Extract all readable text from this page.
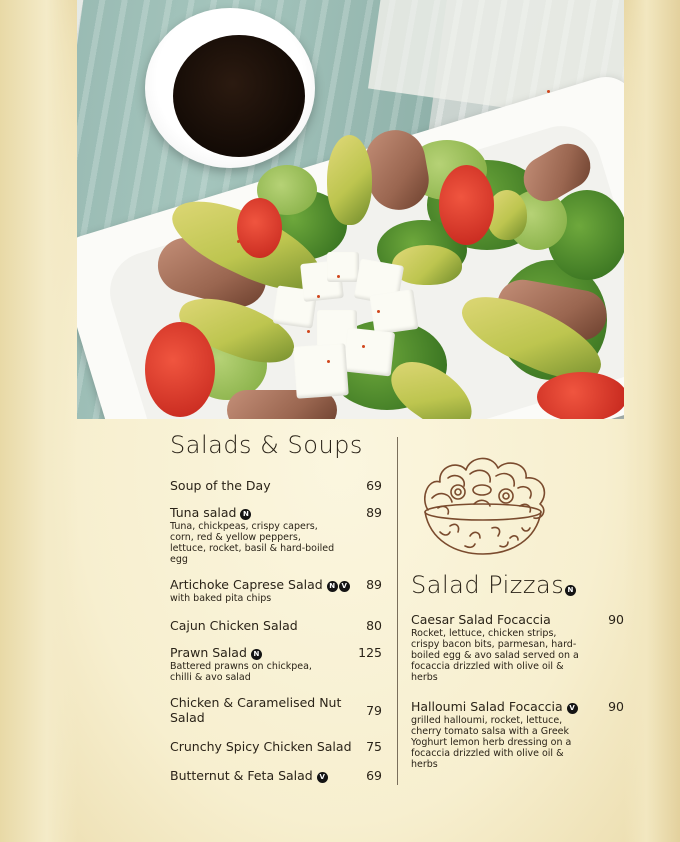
Salads & Soups
Soup of the Day	69
Tuna salad N	89
Tuna, chickpeas, crispy capers, corn, red & yellow peppers, lettuce, rocket, basil & hard-boiled egg
Artichoke Caprese Salad N V	89
with baked pita chips
Cajun Chicken Salad	80
Prawn Salad N	125
Battered prawns on chickpea, chilli & avo salad
Chicken & Caramelised Nut Salad	79
Crunchy Spicy Chicken Salad	75
Butternut & Feta Salad V	69
Salad Pizzas N
Caesar Salad Focaccia	90
Rocket, lettuce, chicken strips, crispy bacon bits, parmesan, hard-boiled egg & avo salad served on a focaccia drizzled with olive oil & herbs
Halloumi Salad Focaccia V	90
grilled halloumi, rocket, lettuce, cherry tomato salsa with a Greek Yoghurt lemon herb dressing on a focaccia drizzled with olive oil & herbs
